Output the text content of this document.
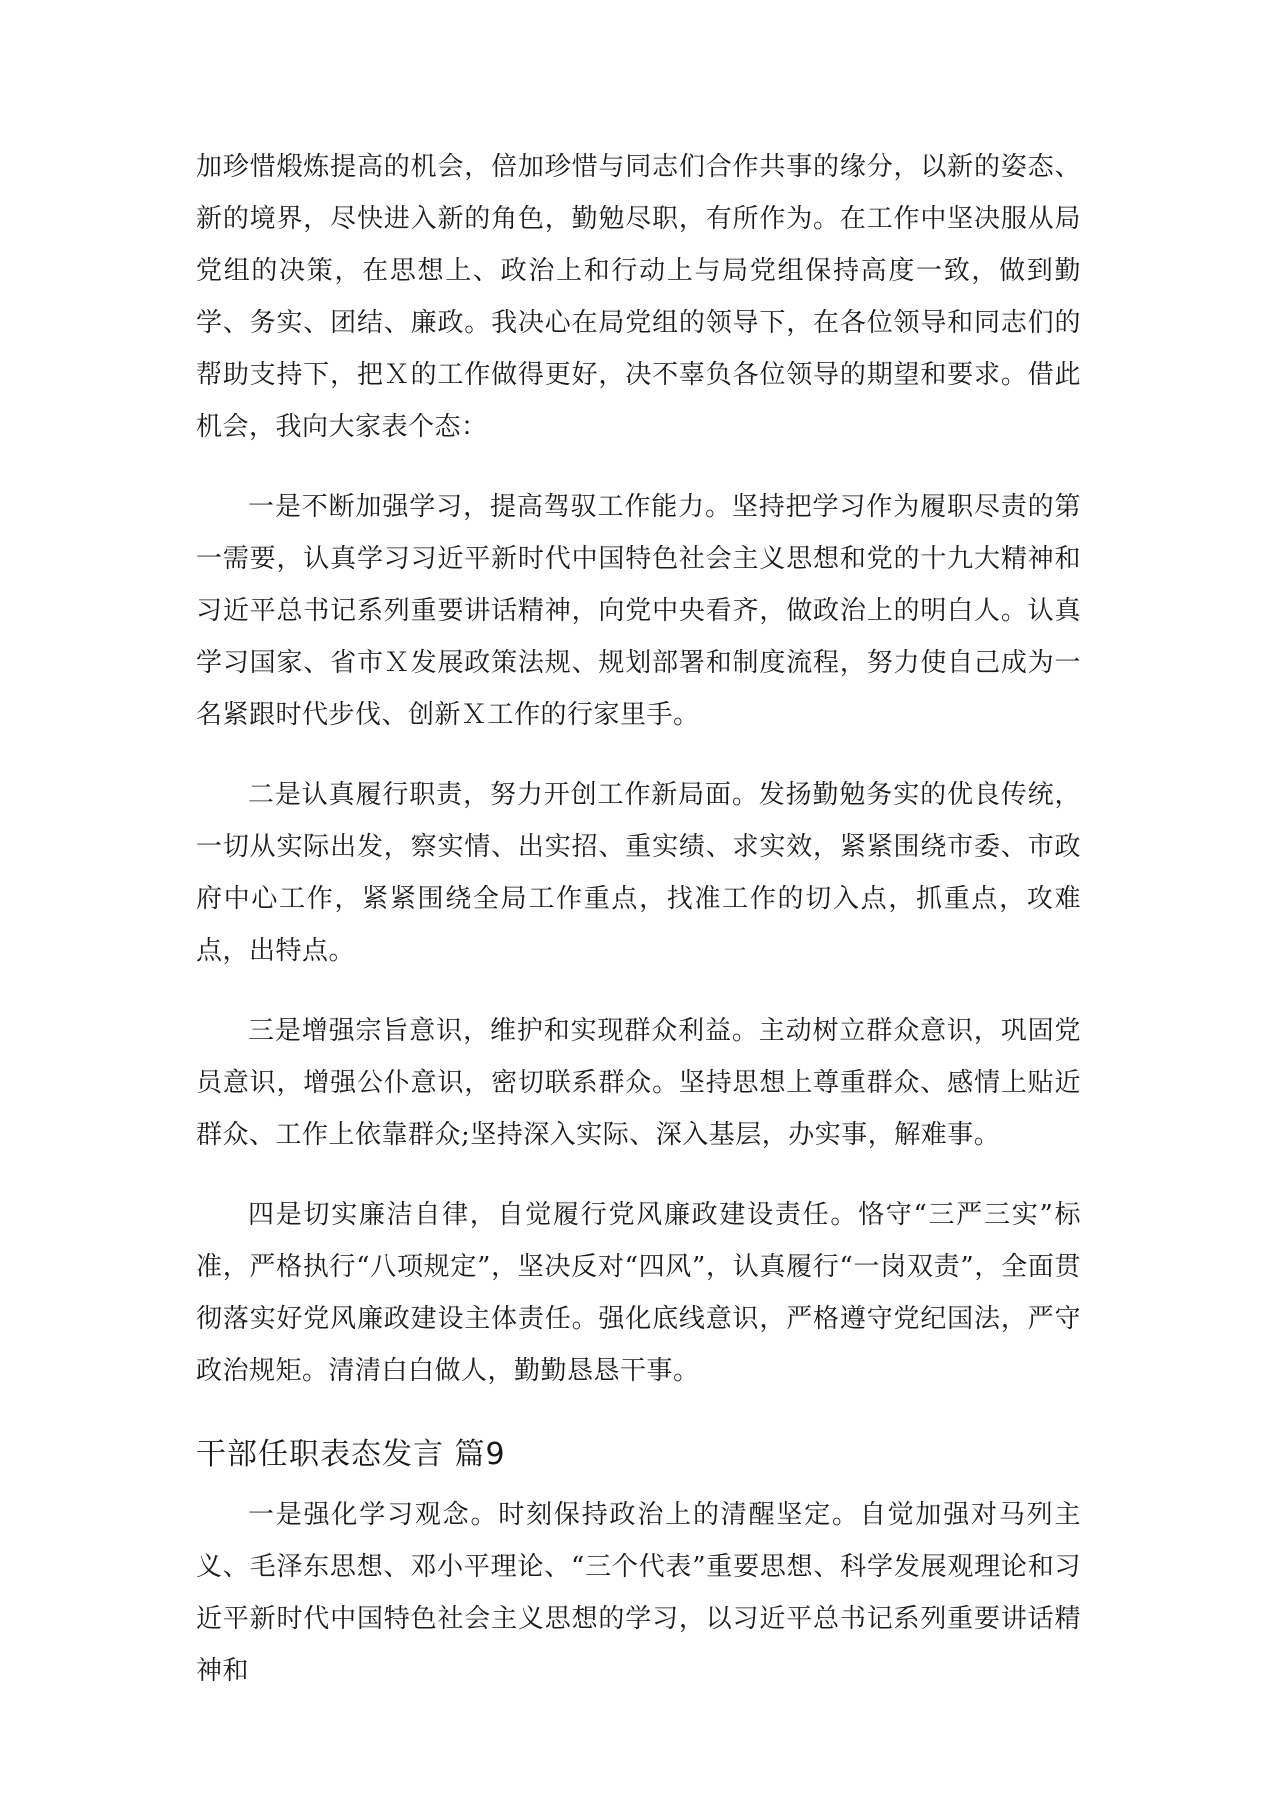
加珍惜煅炼提高的机会，倍加珍惜与同志们合作共事的缘分，以新的姿态、新的境界，尽快进入新的角色，勤勉尽职，有所作为。在工作中坚决服从局党组的决策，在思想上、政治上和行动上与局党组保持高度一致，做到勤学、务实、团结、廉政。我决心在局党组的领导下，在各位领导和同志们的帮助支持下，把Ｘ的工作做得更好，决不辜负各位领导的期望和要求。借此机会，我向大家表个态：

一是不断加强学习，提高驾驭工作能力。坚持把学习作为履职尽责的第一需要，认真学习习近平新时代中国特色社会主义思想和党的十九大精神和习近平总书记系列重要讲话精神，向党中央看齐，做政治上的明白人。认真学习国家、省市Ｘ发展政策法规、规划部署和制度流程，努力使自己成为一名紧跟时代步伐、创新Ｘ工作的行家里手。

二是认真履行职责，努力开创工作新局面。发扬勤勉务实的优良传统，一切从实际出发，察实情、出实招、重实绩、求实效，紧紧围绕市委、市政府中心工作，紧紧围绕全局工作重点，找准工作的切入点，抓重点，攻难点，出特点。

三是增强宗旨意识，维护和实现群众利益。主动树立群众意识，巩固党员意识，增强公仆意识，密切联系群众。坚持思想上尊重群众、感情上贴近群众、工作上依靠群众;坚持深入实际、深入基层，办实事，解难事。

四是切实廉洁自律，自觉履行党风廉政建设责任。恪守“三严三实”标准，严格执行“八项规定”，坚决反对“四风”，认真履行“一岗双责”，全面贯彻落实好党风廉政建设主体责任。强化底线意识，严格遵守党纪国法，严守政治规矩。清清白白做人，勤勤恳恳干事。

干部任职表态发言 篇9

一是强化学习观念。时刻保持政治上的清醒坚定。自觉加强对马列主义、毛泽东思想、邓小平理论、“三个代表”重要思想、科学发展观理论和习近平新时代中国特色社会主义思想的学习，以习近平总书记系列重要讲话精神和
